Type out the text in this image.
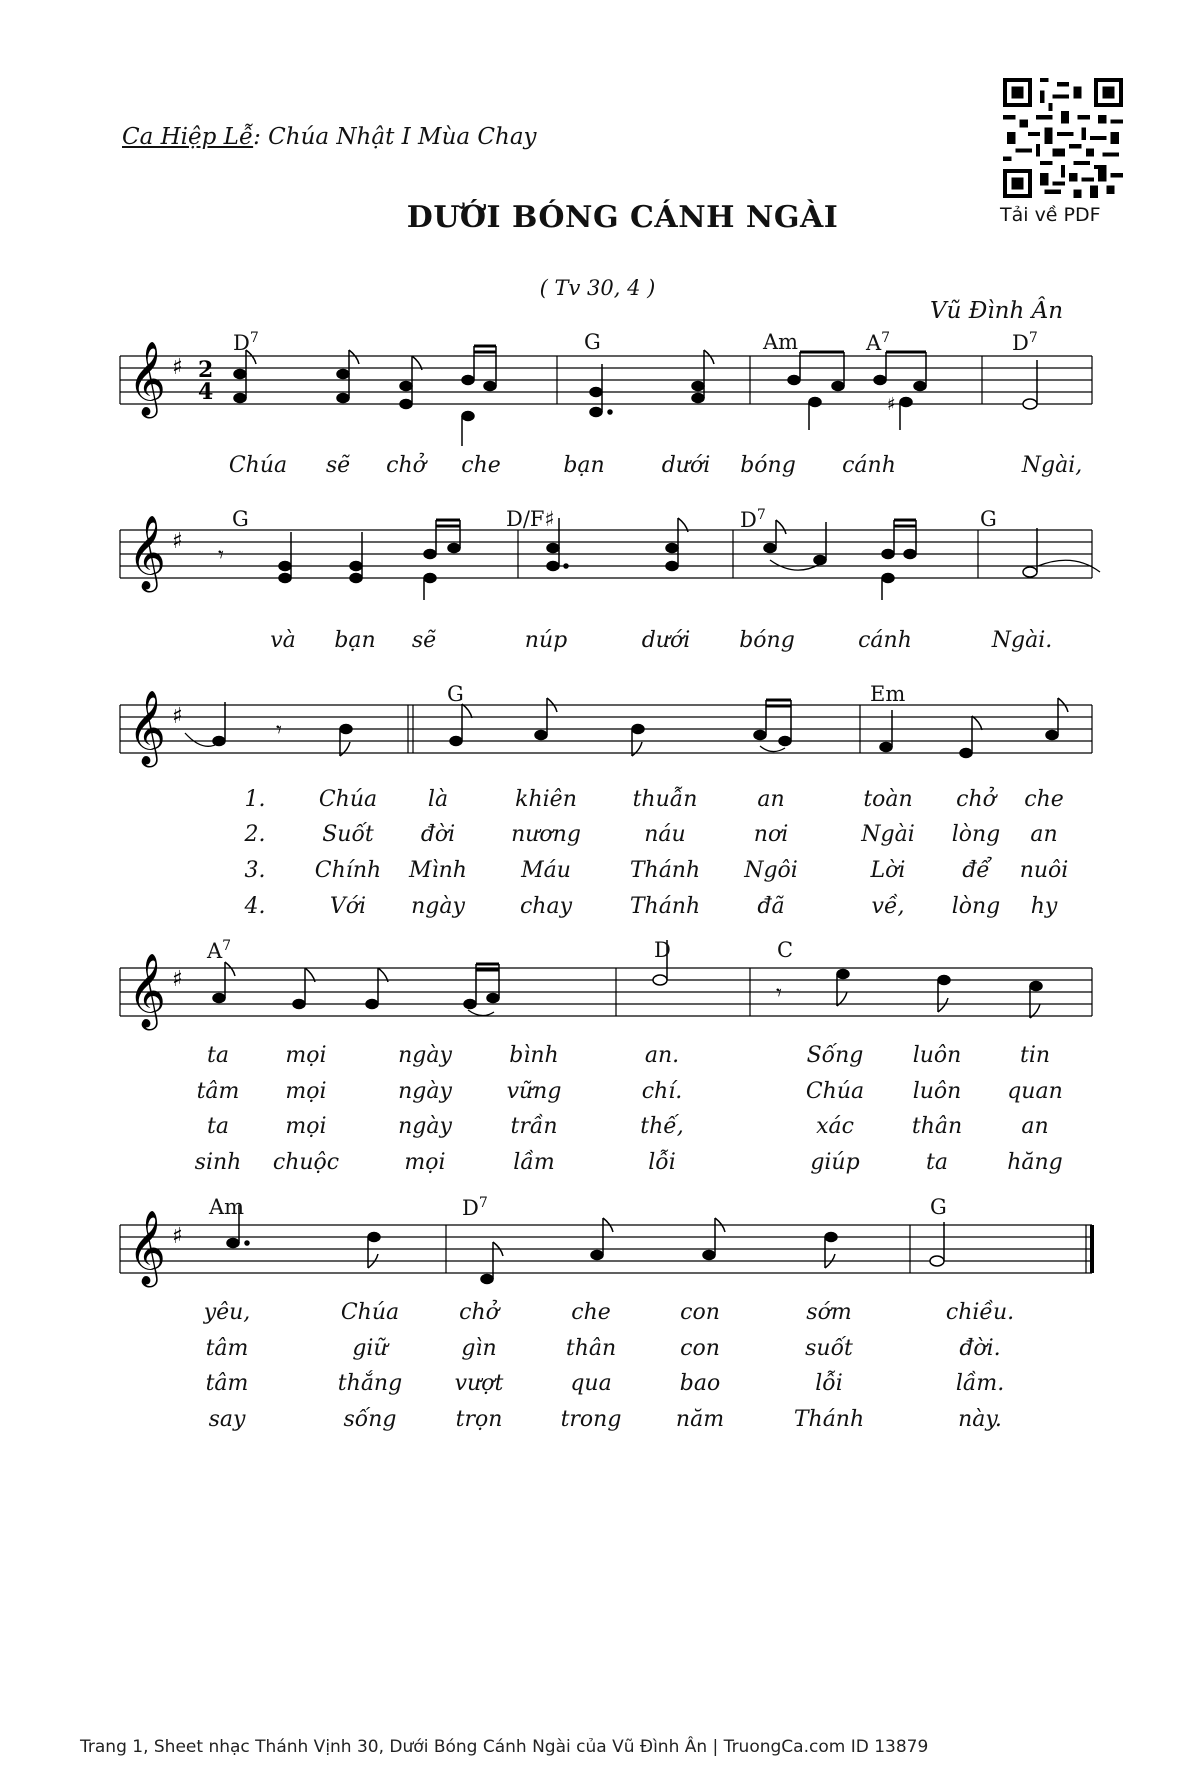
Ca Hiệp Lễ: Chúa Nhật I Mùa Chay
DƯỚI BÓNG CÁNH NGÀI
( Tv 30, 4 )
Vũ Đình Ân
Tải về PDF
𝄞 ♯ 2
4	♯
𝄞 ♯
𝄾
𝄞 ♯
𝄾
𝄞 ♯
𝄾
𝄞 ♯
$D^7$	G	Am	$A^7$	$D^7$
G	D/F♯	$D^7$	G
G	Em
$A^7$	D	C
Am	$D^7$	G
Chúa sẽ chở che	bạn	dưới bóng cánh	Ngài,
và bạn sẽ	núp	dưới bóng	cánh	Ngài.
1. Chúa là	khiên	thuẫn	an	toàn chở che
2.	Suốt đời	nương	náu	nơi	Ngài lòng an
3. Chính Mình Máu	Thánh Ngôi	Lời	để nuôi
4.	Với ngày	chay	Thánh	đã	về, lòng hy
ta	mọi	ngày	bình	an.	Sống luôn	tin
tâm mọi	ngày vững	chí.	Chúa luôn quan
ta	mọi	ngày	trần	thế,	xác	thân	an
sinh chuộc	mọi	lầm	lỗi	giúp	ta	hăng
yêu,	Chúa	chở	che	con	sớm	chiều.
tâm	giữ	gìn	thân	con	suốt	đời.
tâm	thắng vượt	qua	bao	lỗi	lầm.
say	sống	trọn	trong năm	Thánh	này.
Trang 1, Sheet nhạc Thánh Vịnh 30, Dưới Bóng Cánh Ngài của Vũ Đình Ân | TruongCa.com ID 13879
